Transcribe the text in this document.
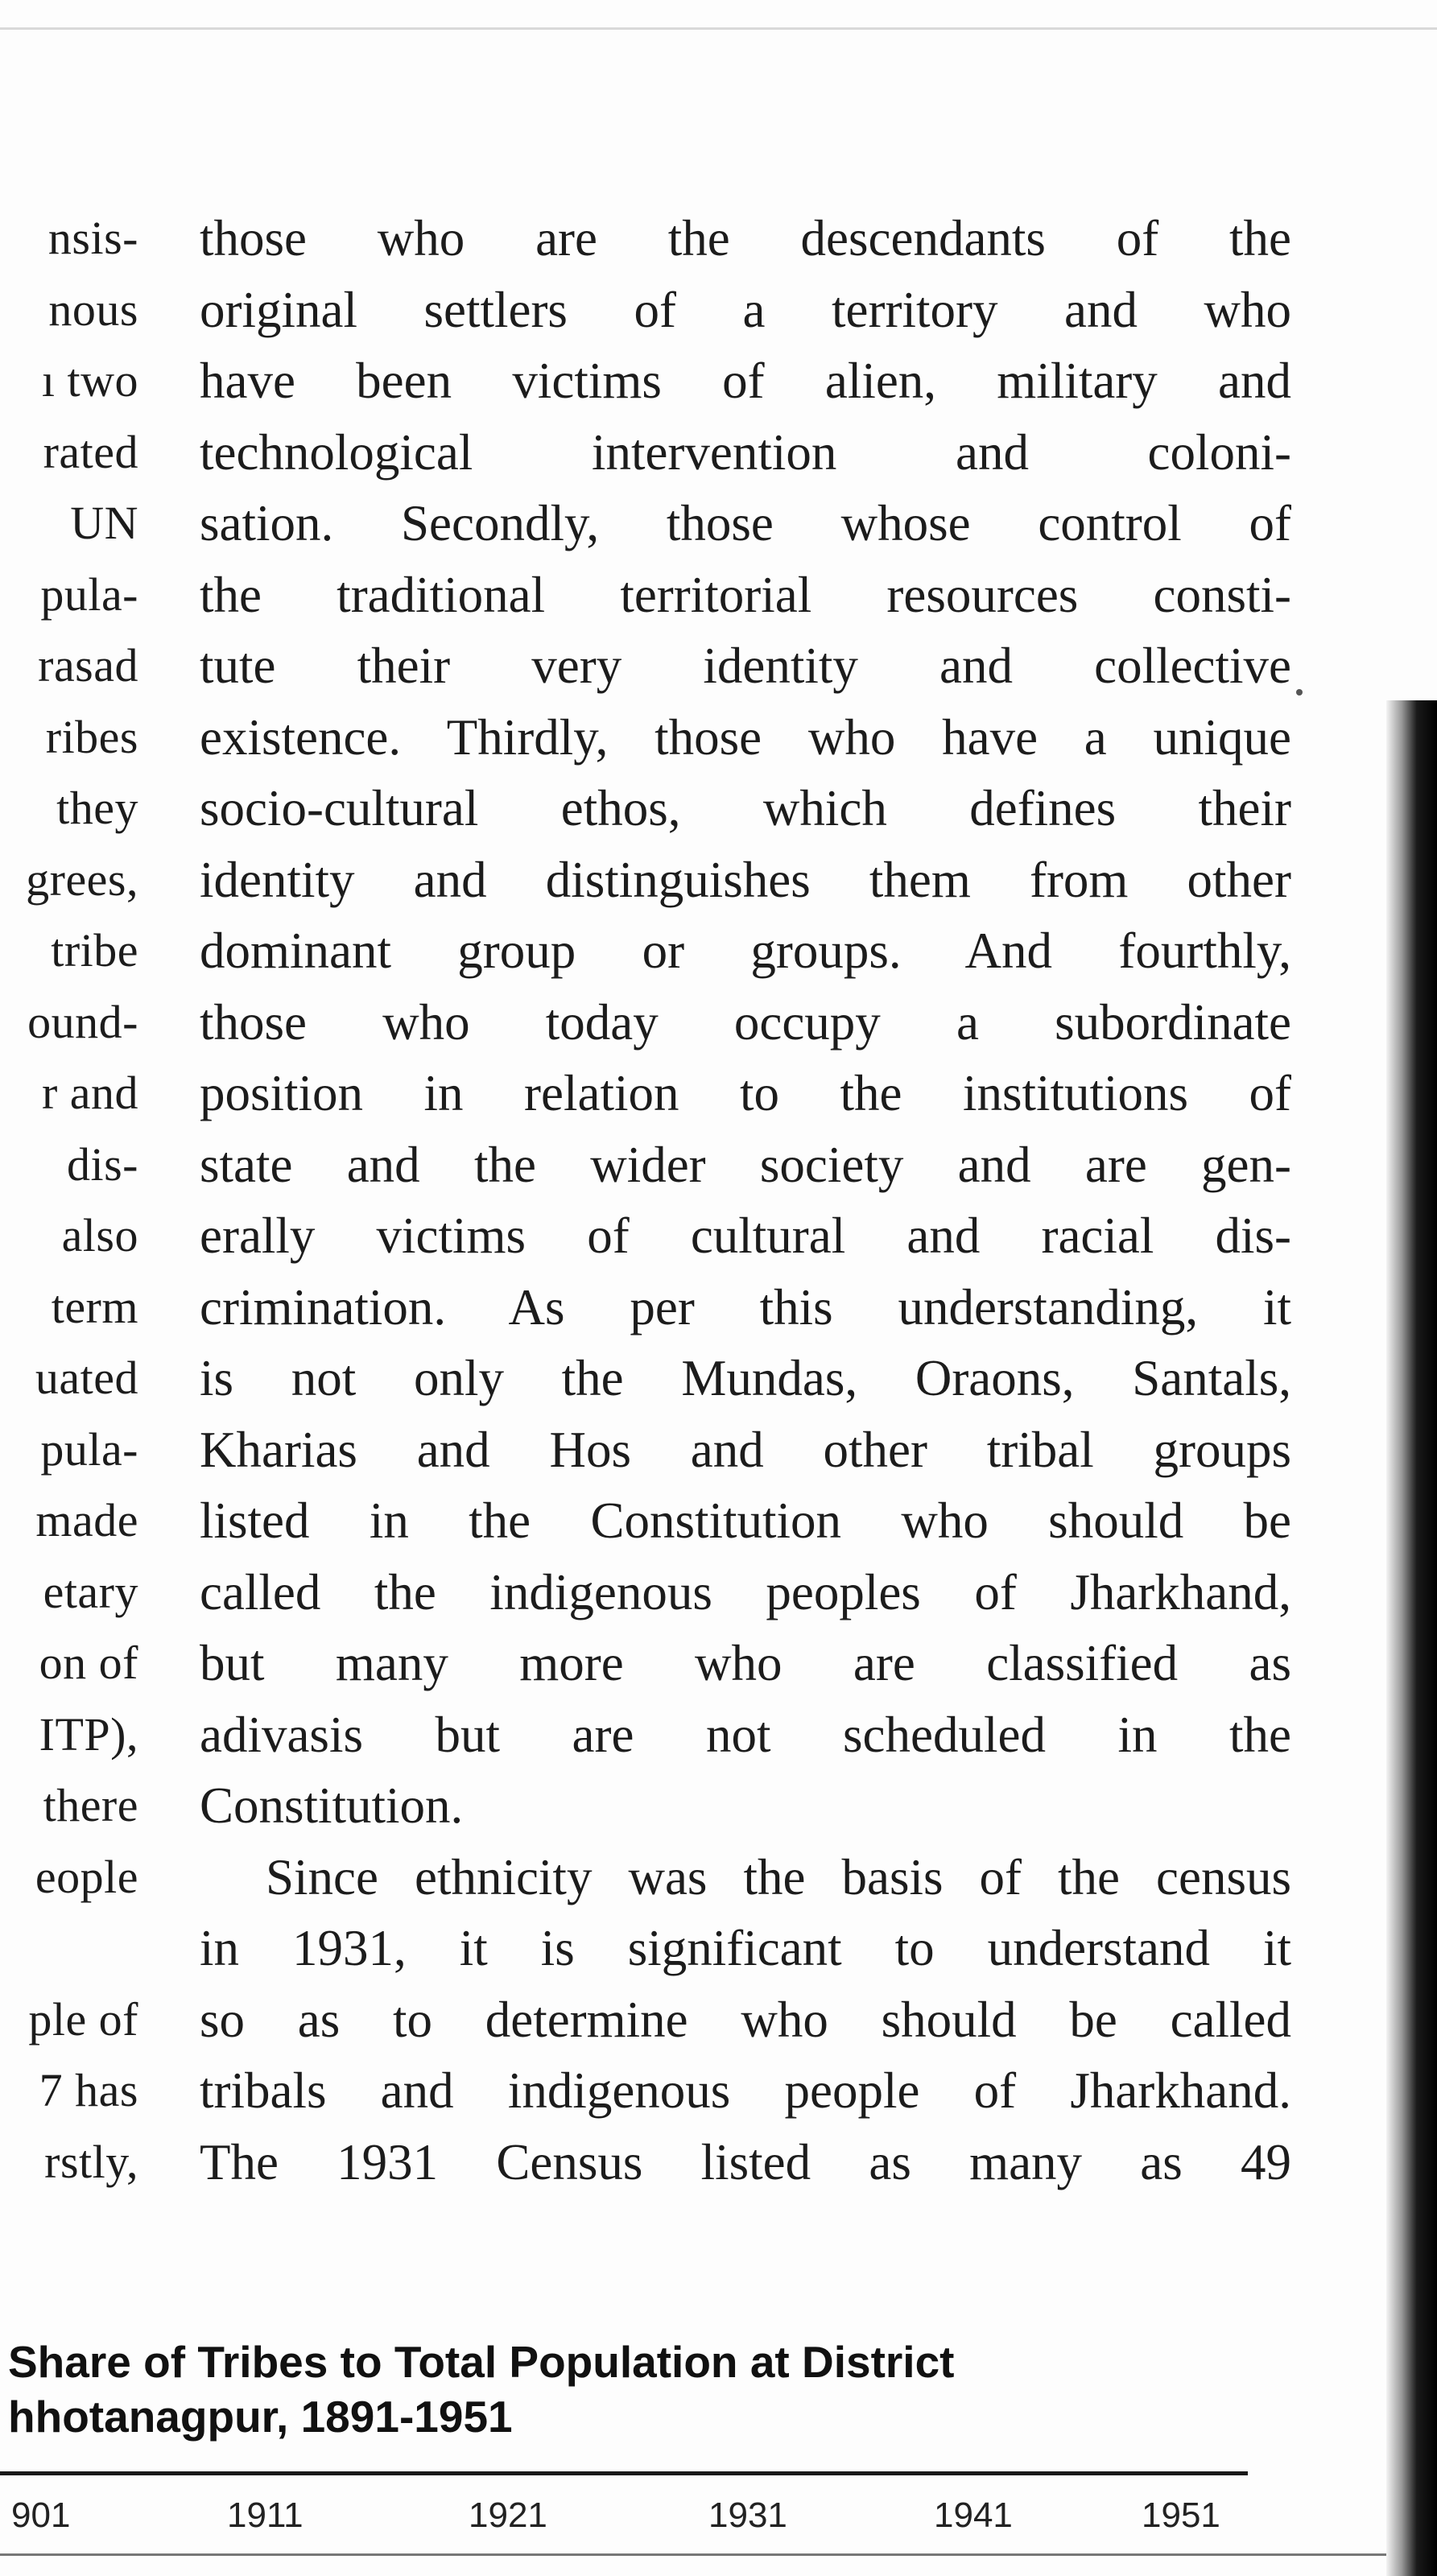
nsis-
nous
ı two
rated
UN
pula-
rasad
ribes
they
grees,
tribe
ound-
r and
dis-
also
term
uated
pula-
made
etary
on of
ITP),
there
eople
ple of
7 has
rstly,
those who are the descendants of the
original settlers of a territory and who
have been victims of alien, military and
technological intervention and coloni-
sation. Secondly, those whose control of
the traditional territorial resources consti-
tute their very identity and collective
existence. Thirdly, those who have a unique
socio-cultural ethos, which defines their
identity and distinguishes them from other
dominant group or groups. And fourthly,
those who today occupy a subordinate
position in relation to the institutions of
state and the wider society and are gen-
erally victims of cultural and racial dis-
crimination. As per this understanding, it
is not only the Mundas, Oraons, Santals,
Kharias and Hos and other tribal groups
listed in the Constitution who should be
called the indigenous peoples of Jharkhand,
but many more who are classified as
adivasis but are not scheduled in the
Constitution.
Since ethnicity was the basis of the census
in 1931, it is significant to understand it
so as to determine who should be called
tribals and indigenous people of Jharkhand.
The 1931 Census listed as many as 49
Share of Tribes to Total Population at District
hhotanagpur, 1891-1951
901	1911	1921	1931	1941	1951
